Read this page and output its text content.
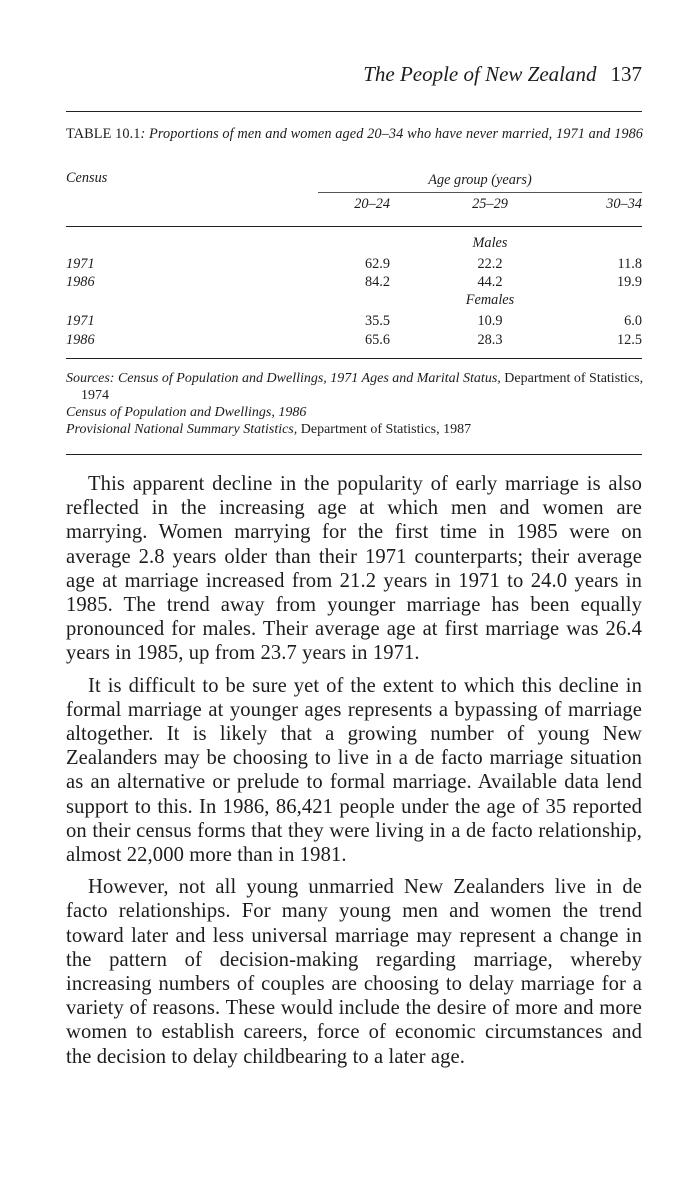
The People of New Zealand 137
TABLE 10.1: Proportions of men and women aged 20–34 who have never married, 1971 and 1986
Census	Age group (years)
20–24	25–29	30–34
Males
1971	62.9	22.2	11.8
1986	84.2	44.2	19.9
Females
1971	35.5	10.9	6.0
1986	65.6	28.3	12.5

Sources: Census of Population and Dwellings, 1971 Ages and Marital Status, Department of Statistics, 1974

Census of Population and Dwellings, 1986

Provisional National Summary Statistics, Department of Statistics, 1987

This apparent decline in the popularity of early marriage is also reflected in the increasing age at which men and women are marrying. Women marrying for the first time in 1985 were on average 2.8 years older than their 1971 counterparts; their average age at marriage increased from 21.2 years in 1971 to 24.0 years in 1985. The trend away from younger marriage has been equally pronounced for males. Their average age at first marriage was 26.4 years in 1985, up from 23.7 years in 1971.

It is difficult to be sure yet of the extent to which this decline in formal marriage at younger ages represents a bypassing of marriage altogether. It is likely that a growing number of young New Zealanders may be choosing to live in a de facto marriage situation as an alternative or prelude to formal marriage. Available data lend support to this. In 1986, 86,421 people under the age of 35 reported on their census forms that they were living in a de facto relationship, almost 22,000 more than in 1981.

However, not all young unmarried New Zealanders live in de facto relationships. For many young men and women the trend toward later and less universal marriage may represent a change in the pattern of decision-making regarding marriage, whereby increasing numbers of couples are choosing to delay marriage for a variety of reasons. These would include the desire of more and more women to establish careers, force of economic circumstances and the decision to delay childbearing to a later age.
